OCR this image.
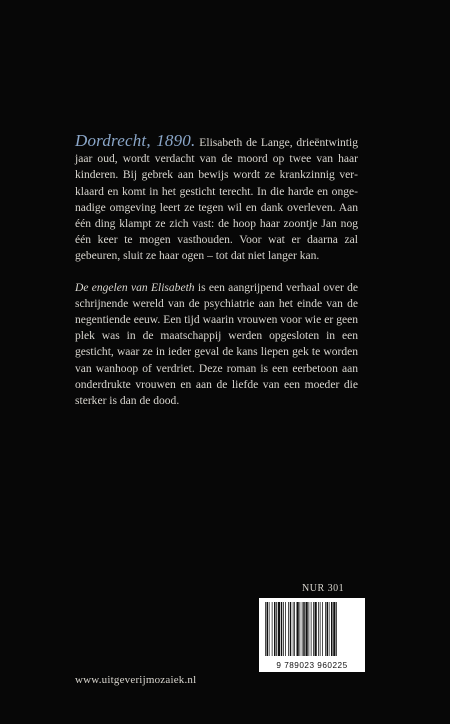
Dordrecht, 1890. Elisabeth de Lange, drieëntwintig jaar oud, wordt verdacht van de moord op twee van haar kinderen. Bij gebrek aan bewijs wordt ze krankzinnig verklaard en komt in het gesticht terecht. In die harde en ongenadige omgeving leert ze tegen wil en dank overleven. Aan één ding klampt ze zich vast: de hoop haar zoontje Jan nog één keer te mogen vasthouden. Voor wat er daarna zal gebeuren, sluit ze haar ogen – tot dat niet langer kan.

De engelen van Elisabeth is een aangrijpend verhaal over de schrijnende wereld van de psychiatrie aan het einde van de negentiende eeuw. Een tijd waarin vrouwen voor wie er geen plek was in de maatschappij werden opgesloten in een gesticht, waar ze in ieder geval de kans liepen gek te worden van wanhoop of verdriet. Deze roman is een eerbetoon aan onderdrukte vrouwen en aan de liefde van een moeder die sterker is dan de dood.

NUR 301
9 789023 960225
www.uitgeverijmozaiek.nl
